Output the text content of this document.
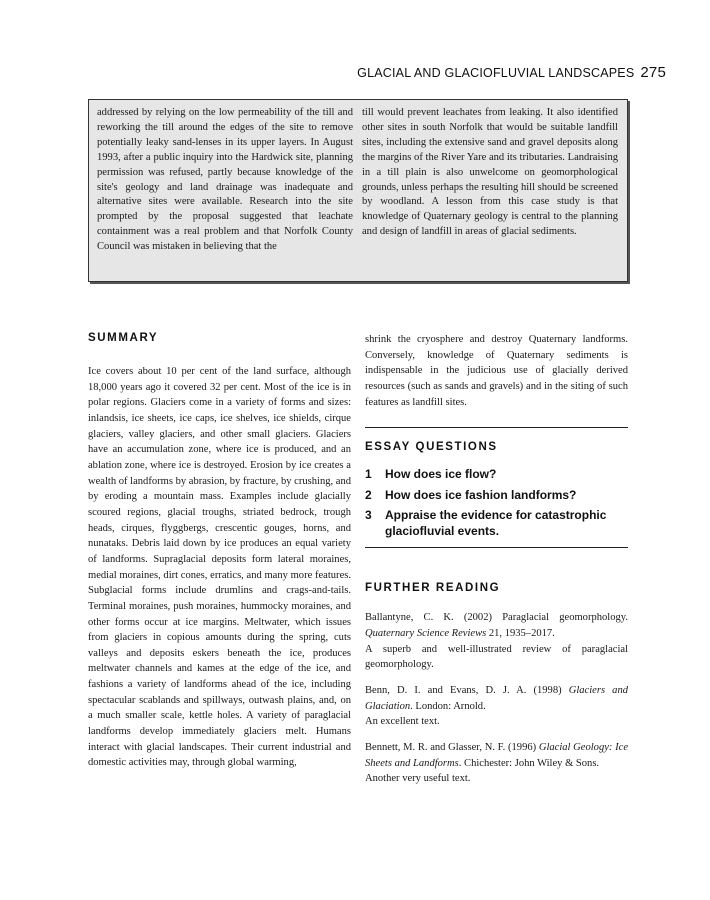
GLACIAL AND GLACIOFLUVIAL LANDSCAPES 275
addressed by relying on the low permeability of the till and reworking the till around the edges of the site to remove potentially leaky sand-lenses in its upper layers. In August 1993, after a public inquiry into the Hardwick site, planning permission was refused, partly because knowledge of the site's geology and land drainage was inadequate and alternative sites were available. Research into the site prompted by the proposal suggested that leachate containment was a real problem and that Norfolk County Council was mistaken in believing that the
till would prevent leachates from leaking. It also identified other sites in south Norfolk that would be suitable landfill sites, including the extensive sand and gravel deposits along the margins of the River Yare and its tributaries. Landraising in a till plain is also unwelcome on geomorphological grounds, unless perhaps the resulting hill should be screened by woodland. A lesson from this case study is that knowledge of Quaternary geology is central to the planning and design of landfill in areas of glacial sediments.
SUMMARY

Ice covers about 10 per cent of the land surface, although 18,000 years ago it covered 32 per cent. Most of the ice is in polar regions. Glaciers come in a variety of forms and sizes: inlandsis, ice sheets, ice caps, ice shelves, ice shields, cirque glaciers, valley glaciers, and other small glaciers. Glaciers have an accumulation zone, where ice is produced, and an ablation zone, where ice is destroyed. Erosion by ice creates a wealth of landforms by abrasion, by fracture, by crushing, and by eroding a mountain mass. Examples include glacially scoured regions, glacial troughs, striated bedrock, trough heads, cirques, flyggbergs, crescentic gouges, horns, and nunataks. Debris laid down by ice produces an equal variety of landforms. Supraglacial deposits form lateral moraines, medial moraines, dirt cones, erratics, and many more features. Subglacial forms include drumlins and crags-and-tails. Terminal moraines, push moraines, hummocky moraines, and other forms occur at ice margins. Meltwater, which issues from glaciers in copious amounts during the spring, cuts valleys and deposits eskers beneath the ice, produces meltwater channels and kames at the edge of the ice, and fashions a variety of landforms ahead of the ice, including spectacular scablands and spillways, outwash plains, and, on a much smaller scale, kettle holes. A variety of paraglacial landforms develop immediately glaciers melt. Humans interact with glacial landscapes. Their current industrial and domestic activities may, through global warming,

shrink the cryosphere and destroy Quaternary landforms. Conversely, knowledge of Quaternary sediments is indispensable in the judicious use of glacially derived resources (such as sands and gravels) and in the siting of such features as landfill sites.

ESSAY QUESTIONS
1	How does ice flow?
2	How does ice fashion landforms?
3	Appraise the evidence for catastrophic glaciofluvial events.
FURTHER READING

Ballantyne, C. K. (2002) Paraglacial geomorphology. Quaternary Science Reviews 21, 1935–2017.

A superb and well-illustrated review of paraglacial geomorphology.

Benn, D. I. and Evans, D. J. A. (1998) Glaciers and Glaciation. London: Arnold.

An excellent text.

Bennett, M. R. and Glasser, N. F. (1996) Glacial Geology: Ice Sheets and Landforms. Chichester: John Wiley & Sons.

Another very useful text.
